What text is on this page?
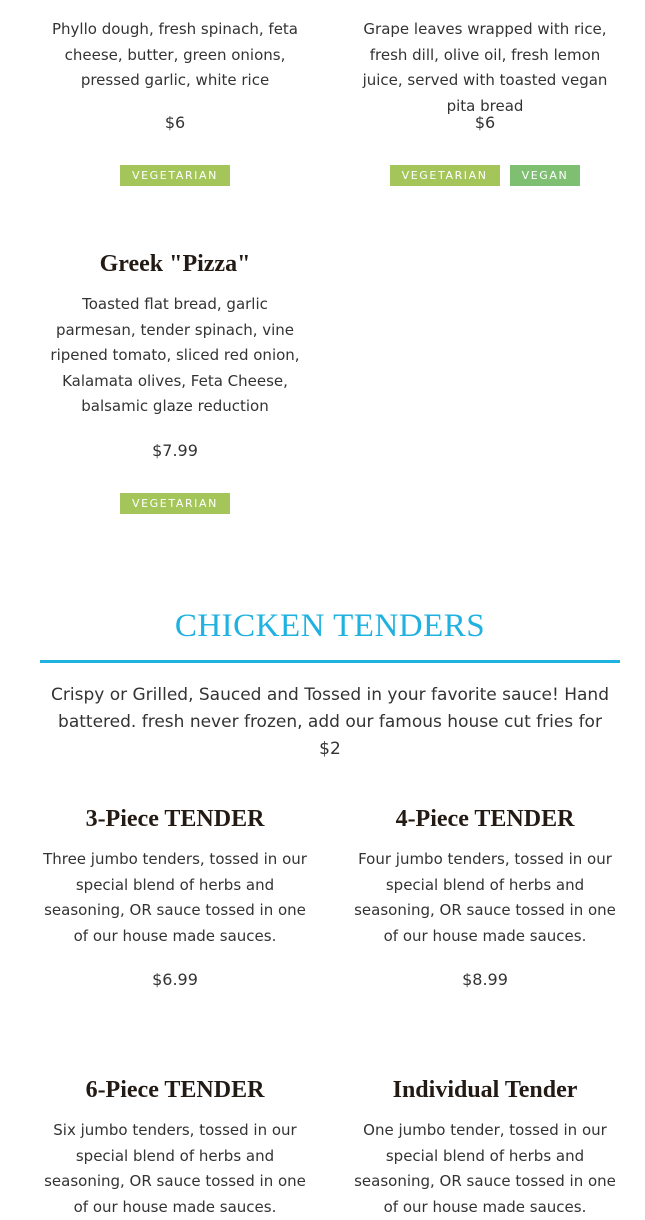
Phyllo dough, fresh spinach, feta cheese, butter, green onions, pressed garlic, white rice

$6
VEGETARIAN

Grape leaves wrapped with rice, fresh dill, olive oil, fresh lemon juice, served with toasted vegan pita bread

$6
VEGETARIAN	VEGAN
Greek "Pizza"

Toasted flat bread, garlic parmesan, tender spinach, vine ripened tomato, sliced red onion, Kalamata olives, Feta Cheese, balsamic glaze reduction

$7.99
VEGETARIAN
CHICKEN TENDERS
Crispy or Grilled, Sauced and Tossed in your favorite sauce! Hand battered. fresh never frozen, add our famous house cut fries for $2
3-Piece TENDER

Three jumbo tenders, tossed in our special blend of herbs and seasoning, OR sauce tossed in one of our house made sauces.

$6.99
4-Piece TENDER

Four jumbo tenders, tossed in our special blend of herbs and seasoning, OR sauce tossed in one of our house made sauces.

$8.99
6-Piece TENDER

Six jumbo tenders, tossed in our special blend of herbs and seasoning, OR sauce tossed in one of our house made sauces.

Individual Tender

One jumbo tender, tossed in our special blend of herbs and seasoning, OR sauce tossed in one of our house made sauces.
